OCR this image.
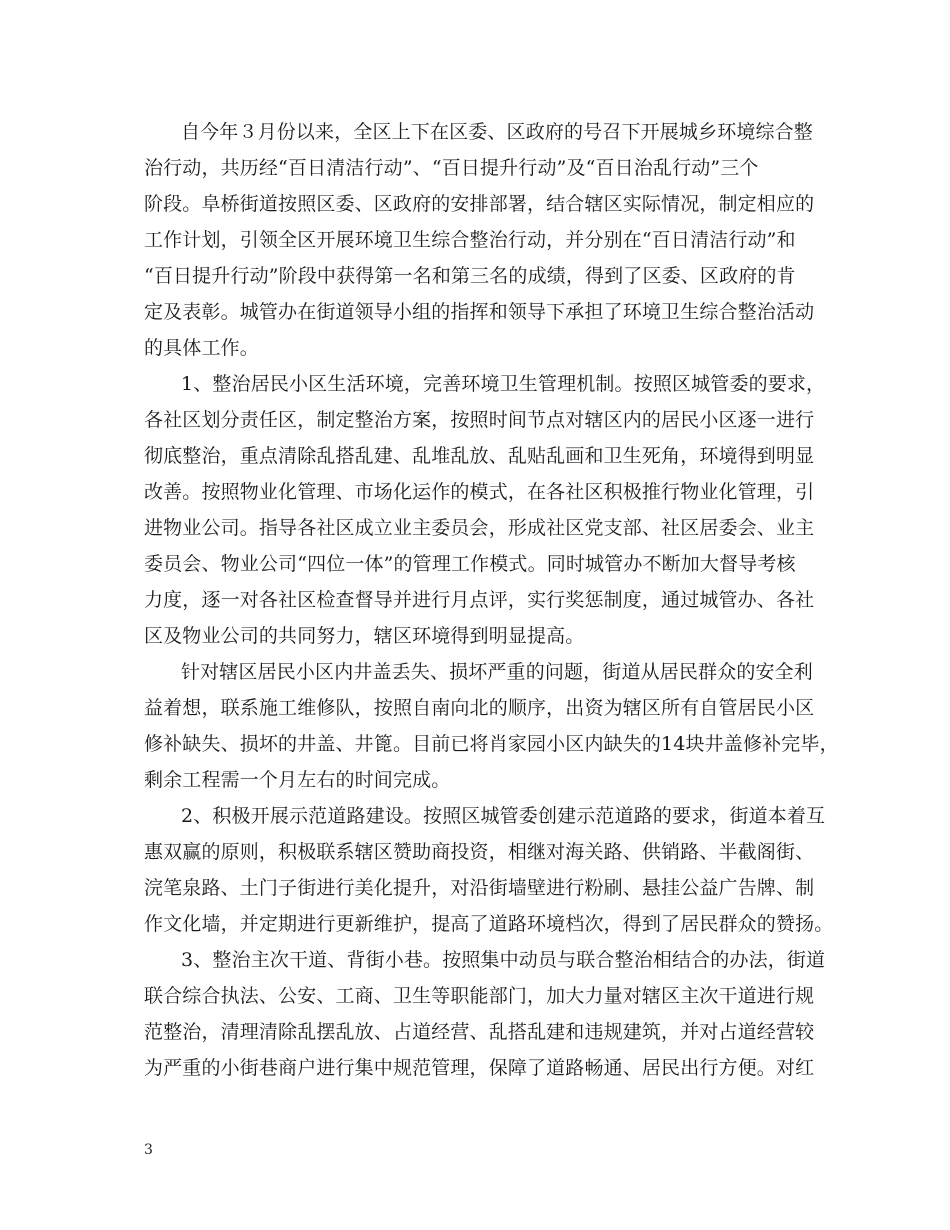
自今年３月份以来，全区上下在区委、区政府的号召下开展城乡环境综合整
治行动，共历经“百日清洁行动”、“百日提升行动”及“百日治乱行动”三个
阶段。阜桥街道按照区委、区政府的安排部署，结合辖区实际情况，制定相应的
工作计划，引领全区开展环境卫生综合整治行动，并分别在“百日清洁行动”和
“百日提升行动”阶段中获得第一名和第三名的成绩，得到了区委、区政府的肯
定及表彰。城管办在街道领导小组的指挥和领导下承担了环境卫生综合整治活动
的具体工作。
1、整治居民小区生活环境，完善环境卫生管理机制。按照区城管委的要求，
各社区划分责任区，制定整治方案，按照时间节点对辖区内的居民小区逐一进行
彻底整治，重点清除乱搭乱建、乱堆乱放、乱贴乱画和卫生死角，环境得到明显
改善。按照物业化管理、市场化运作的模式，在各社区积极推行物业化管理，引
进物业公司。指导各社区成立业主委员会，形成社区党支部、社区居委会、业主
委员会、物业公司“四位一体”的管理工作模式。同时城管办不断加大督导考核
力度，逐一对各社区检查督导并进行月点评，实行奖惩制度，通过城管办、各社
区及物业公司的共同努力，辖区环境得到明显提高。
针对辖区居民小区内井盖丢失、损坏严重的问题，街道从居民群众的安全利
益着想，联系施工维修队，按照自南向北的顺序，出资为辖区所有自管居民小区
修补缺失、损坏的井盖、井篦。目前已将肖家园小区内缺失的14块井盖修补完毕，
剩余工程需一个月左右的时间完成。
2、积极开展示范道路建设。按照区城管委创建示范道路的要求，街道本着互
惠双赢的原则，积极联系辖区赞助商投资，相继对海关路、供销路、半截阁街、
浣笔泉路、土门子街进行美化提升，对沿街墙壁进行粉刷、悬挂公益广告牌、制
作文化墙，并定期进行更新维护，提高了道路环境档次，得到了居民群众的赞扬。
3、整治主次干道、背街小巷。按照集中动员与联合整治相结合的办法，街道
联合综合执法、公安、工商、卫生等职能部门，加大力量对辖区主次干道进行规
范整治，清理清除乱摆乱放、占道经营、乱搭乱建和违规建筑，并对占道经营较
为严重的小街巷商户进行集中规范管理，保障了道路畅通、居民出行方便。对红
3
